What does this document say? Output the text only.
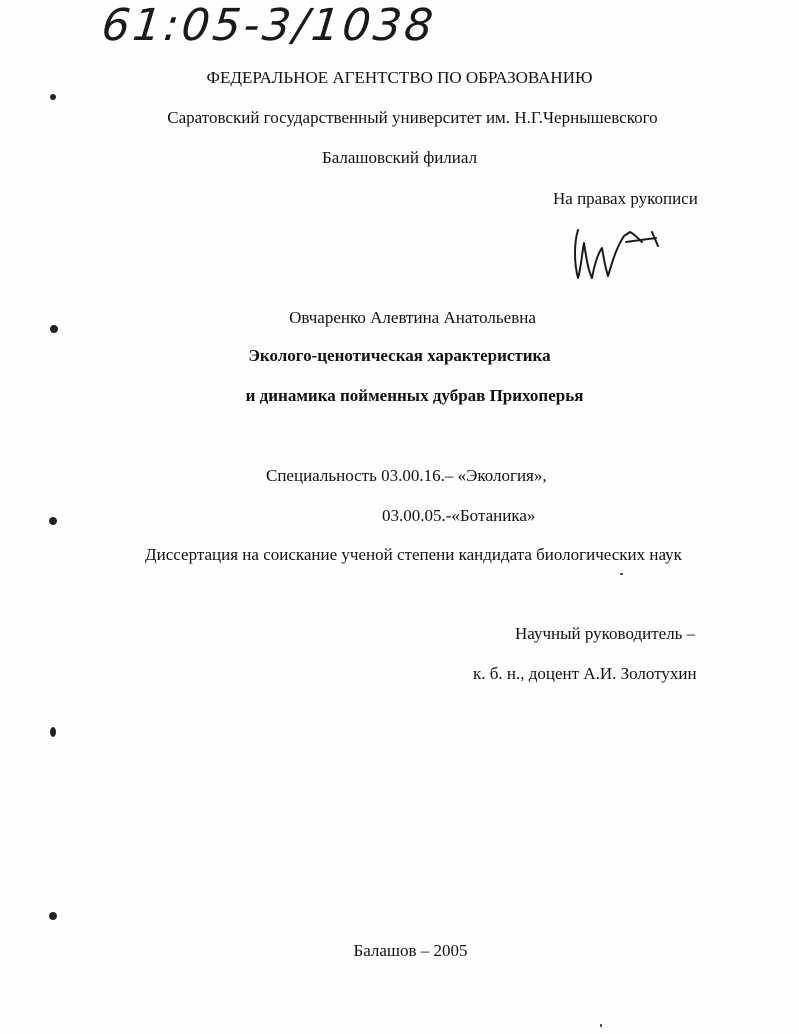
61:05-3/1038
ФЕДЕРАЛЬНОЕ АГЕНТСТВО ПО ОБРАЗОВАНИЮ
Саратовский государственный университет им. Н.Г.Чернышевского
Балашовский филиал
На правах рукописи
Овчаренко Алевтина Анатольевна
Эколого-ценотическая характеристика
и динамика пойменных дубрав Прихоперья
Специальность 03.00.16.– «Экология»,
03.00.05.-«Ботаника»
Диссертация на соискание ученой степени кандидата биологических наук
Научный руководитель –
к. б. н., доцент А.И. Золотухин
Балашов – 2005
